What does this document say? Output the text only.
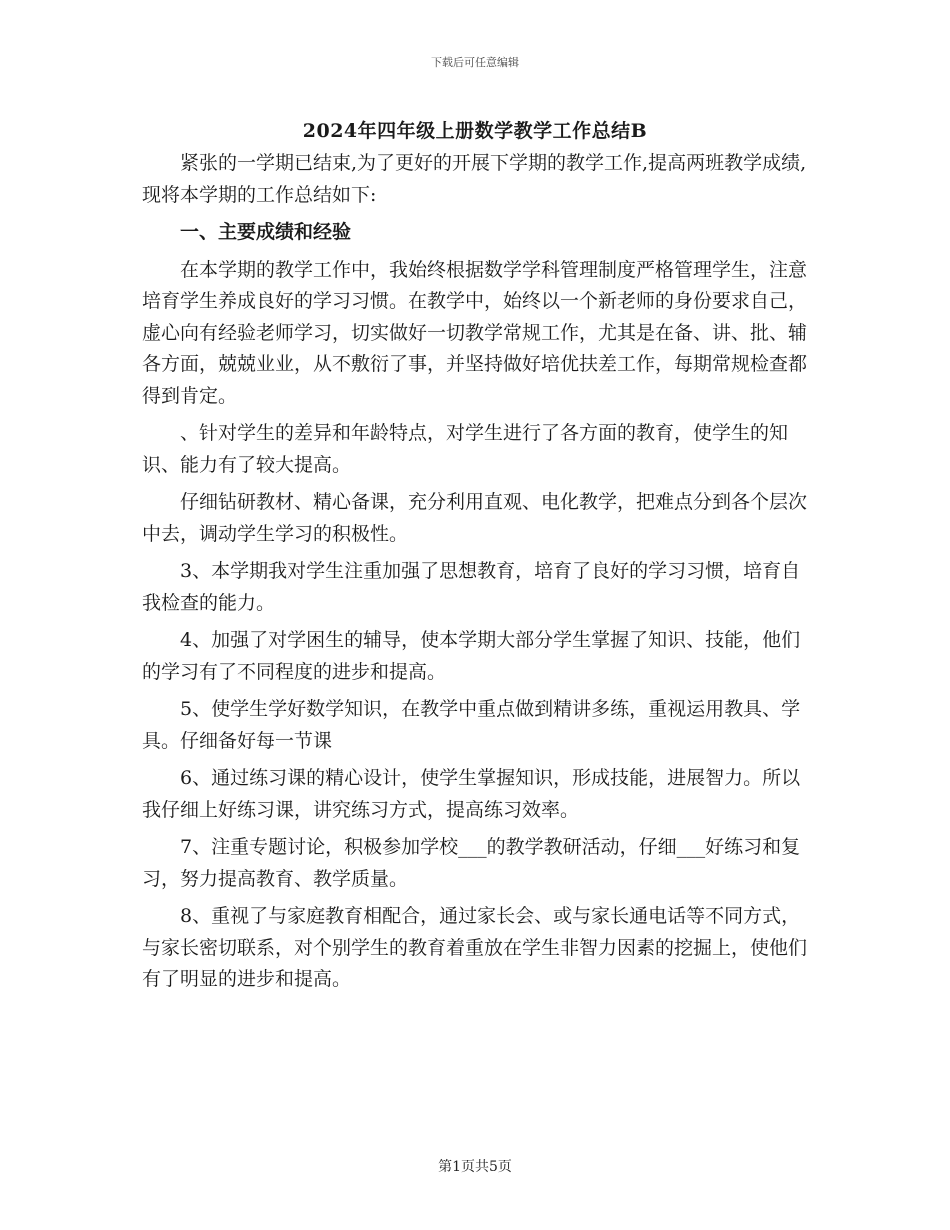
下载后可任意编辑
2024年四年级上册数学教学工作总结B

紧张的一学期已结束,为了更好的开展下学期的教学工作,提高两班教学成绩,现将本学期的工作总结如下:

一、主要成绩和经验

在本学期的教学工作中，我始终根据数学学科管理制度严格管理学生，注意培育学生养成良好的学习习惯。在教学中，始终以一个新老师的身份要求自己，虚心向有经验老师学习，切实做好一切教学常规工作，尤其是在备、讲、批、辅各方面，兢兢业业，从不敷衍了事，并坚持做好培优扶差工作，每期常规检查都得到肯定。

、针对学生的差异和年龄特点，对学生进行了各方面的教育，使学生的知识、能力有了较大提高。

仔细钻研教材、精心备课，充分利用直观、电化教学，把难点分到各个层次中去，调动学生学习的积极性。

3、本学期我对学生注重加强了思想教育，培育了良好的学习习惯，培育自我检查的能力。

4、加强了对学困生的辅导，使本学期大部分学生掌握了知识、技能，他们的学习有了不同程度的进步和提高。

5、使学生学好数学知识，在教学中重点做到精讲多练，重视运用教具、学具。仔细备好每一节课

6、通过练习课的精心设计，使学生掌握知识，形成技能，进展智力。所以我仔细上好练习课，讲究练习方式，提高练习效率。

7、注重专题讨论，积极参加学校___的教学教研活动，仔细___好练习和复习，努力提高教育、教学质量。

8、重视了与家庭教育相配合，通过家长会、或与家长通电话等不同方式，与家长密切联系，对个别学生的教育着重放在学生非智力因素的挖掘上，使他们有了明显的进步和提高。

第1页共5页
